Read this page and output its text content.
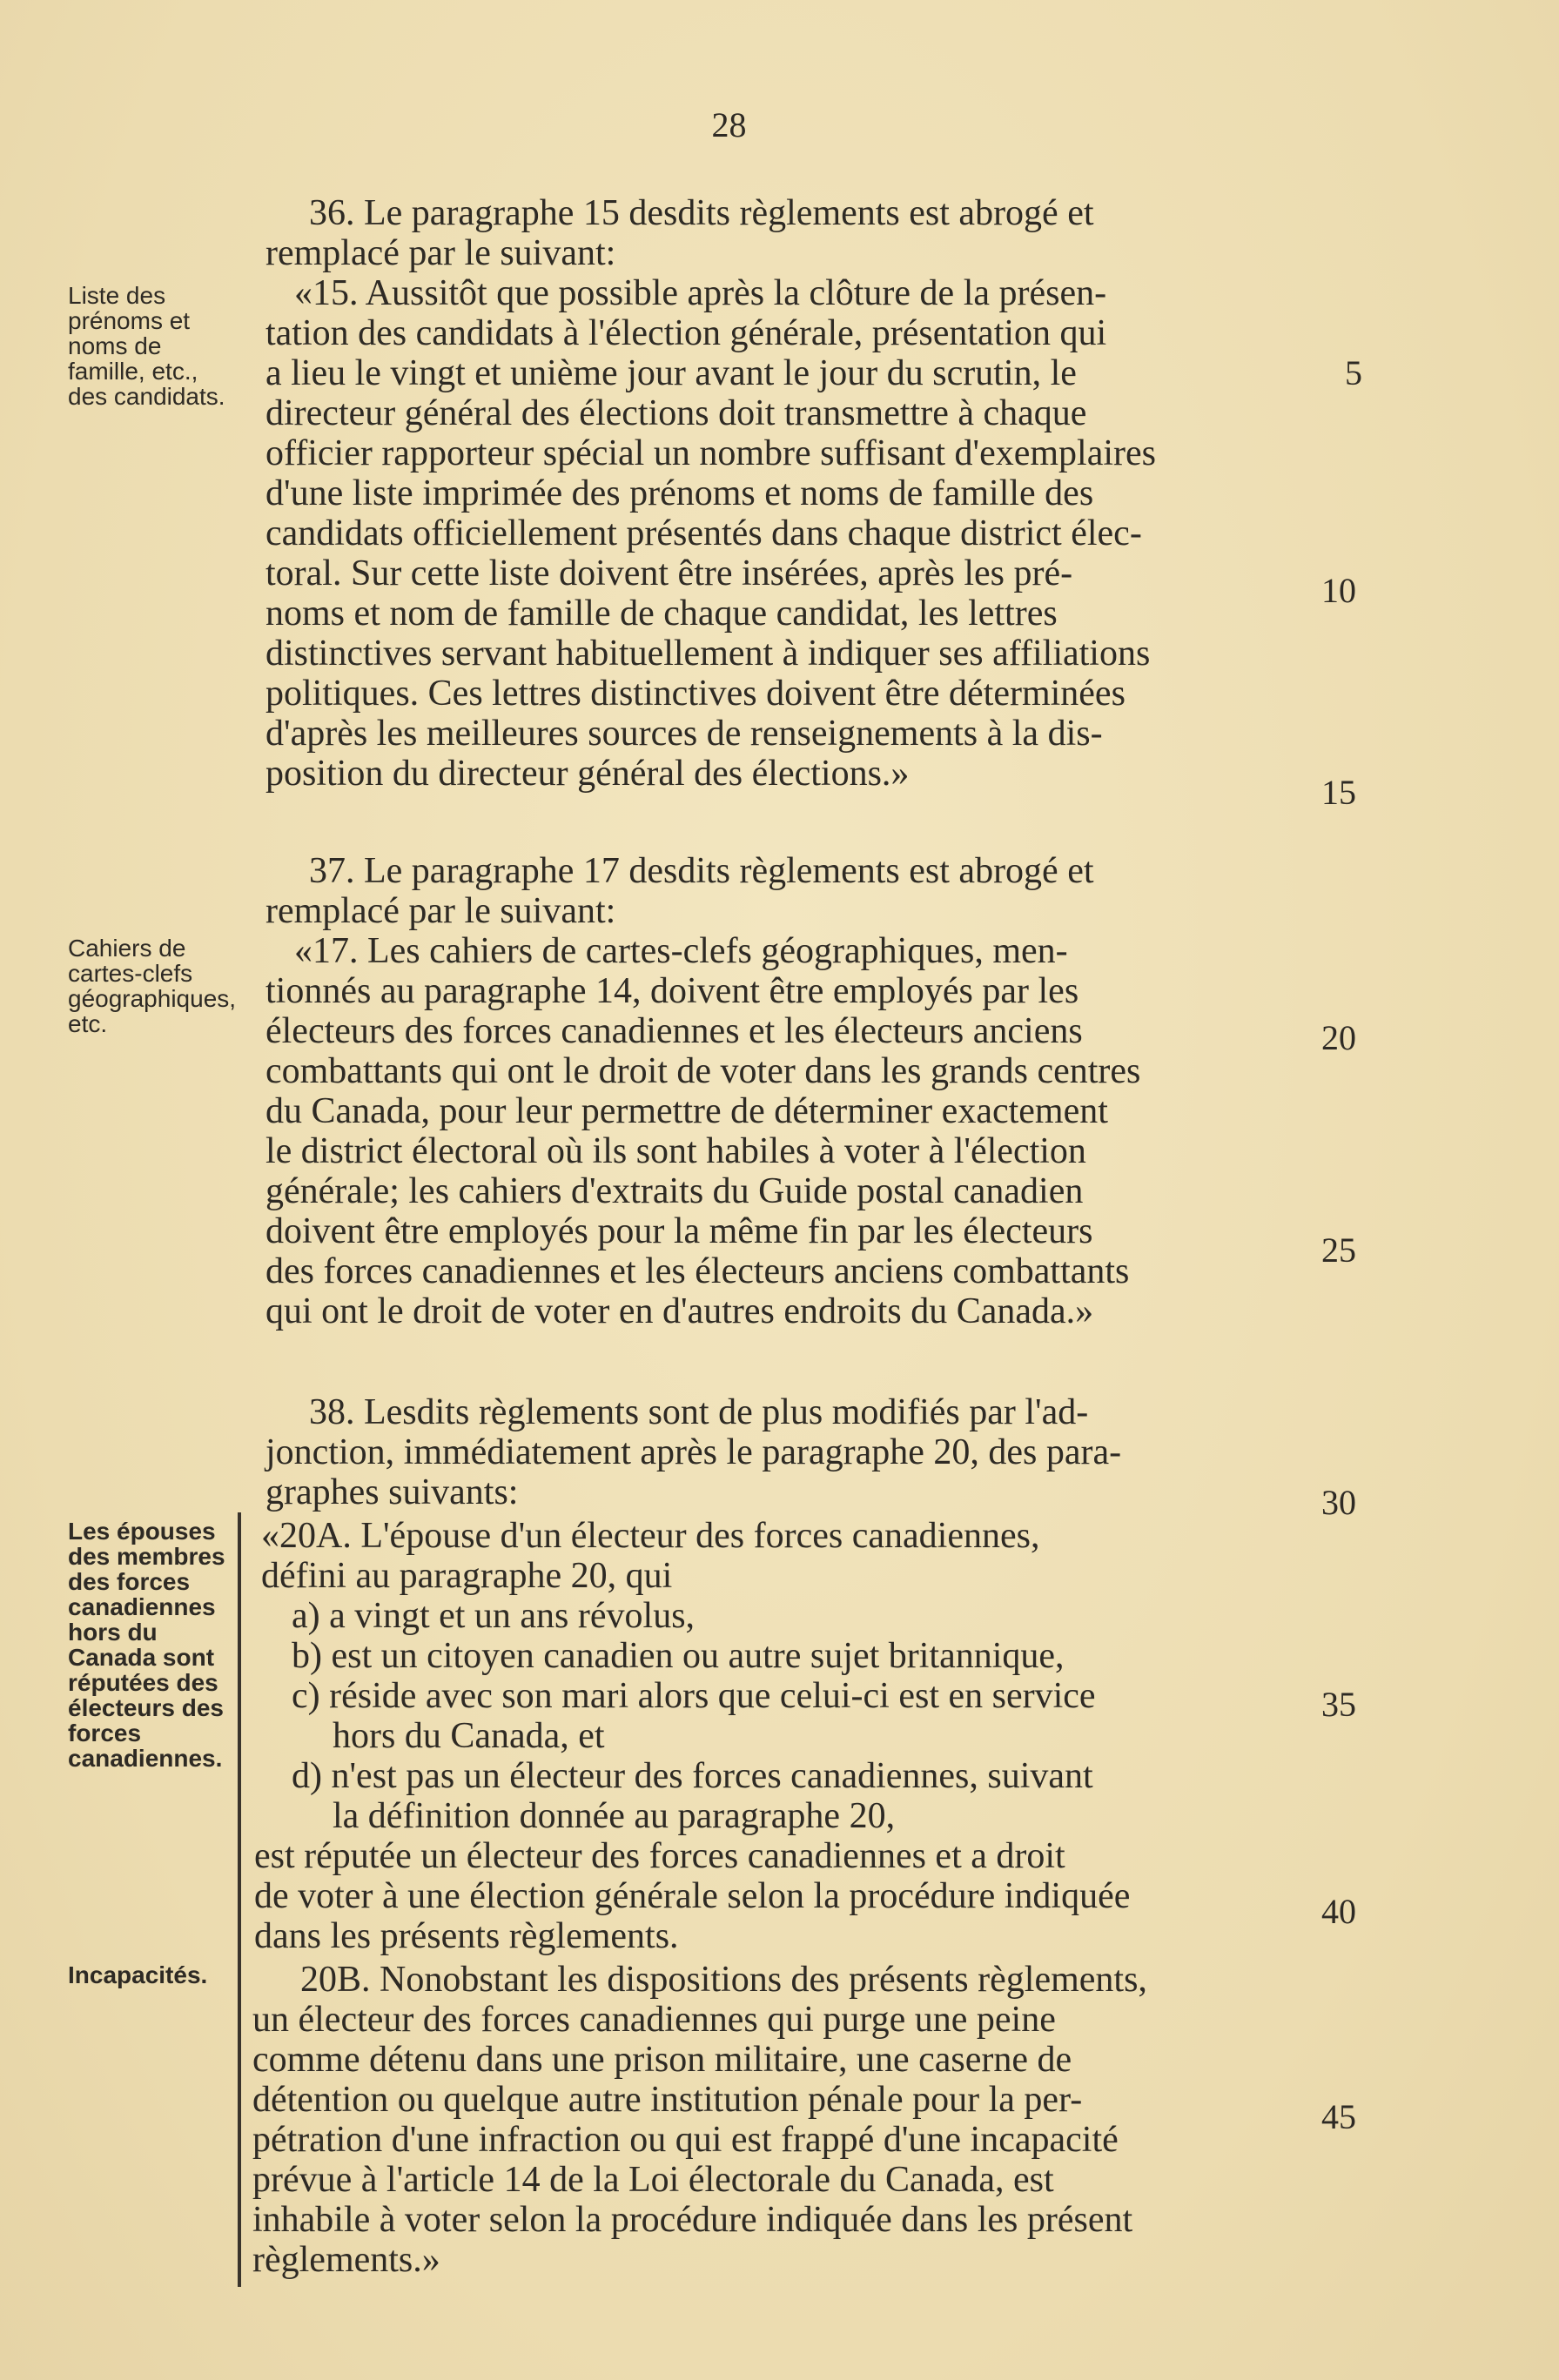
28
Liste des prénoms et noms de famille, etc., des candidats.
Cahiers de cartes-clefs géographiques, etc.
Les épouses des membres des forces canadiennes hors du Canada sont réputées des électeurs des forces canadiennes.
Incapacités.
36. Le paragraphe 15 desdits règlements est abrogé et
remplacé par le suivant:
«15. Aussitôt que possible après la clôture de la présen-
tation des candidats à l'élection générale, présentation qui
a lieu le vingt et unième jour avant le jour du scrutin, le
directeur général des élections doit transmettre à chaque
officier rapporteur spécial un nombre suffisant d'exemplaires
d'une liste imprimée des prénoms et noms de famille des
candidats officiellement présentés dans chaque district élec-
toral. Sur cette liste doivent être insérées, après les pré-
noms et nom de famille de chaque candidat, les lettres
distinctives servant habituellement à indiquer ses affiliations
politiques. Ces lettres distinctives doivent être déterminées
d'après les meilleures sources de renseignements à la dis-
position du directeur général des élections.»
37. Le paragraphe 17 desdits règlements est abrogé et
remplacé par le suivant:
«17. Les cahiers de cartes-clefs géographiques, men-
tionnés au paragraphe 14, doivent être employés par les
électeurs des forces canadiennes et les électeurs anciens
combattants qui ont le droit de voter dans les grands centres
du Canada, pour leur permettre de déterminer exactement
le district électoral où ils sont habiles à voter à l'élection
générale; les cahiers d'extraits du Guide postal canadien
doivent être employés pour la même fin par les électeurs
des forces canadiennes et les électeurs anciens combattants
qui ont le droit de voter en d'autres endroits du Canada.»
38. Lesdits règlements sont de plus modifiés par l'ad-
jonction, immédiatement après le paragraphe 20, des para-
graphes suivants:
«20A. L'épouse d'un électeur des forces canadiennes,
défini au paragraphe 20, qui
a) a vingt et un ans révolus,
b) est un citoyen canadien ou autre sujet britannique,
c) réside avec son mari alors que celui-ci est en service
hors du Canada, et
d) n'est pas un électeur des forces canadiennes, suivant
la définition donnée au paragraphe 20,
est réputée un électeur des forces canadiennes et a droit
de voter à une élection générale selon la procédure indiquée
dans les présents règlements.
20B. Nonobstant les dispositions des présents règlements,
un électeur des forces canadiennes qui purge une peine
comme détenu dans une prison militaire, une caserne de
détention ou quelque autre institution pénale pour la per-
pétration d'une infraction ou qui est frappé d'une incapacité
prévue à l'article 14 de la Loi électorale du Canada, est
inhabile à voter selon la procédure indiquée dans les présent
règlements.»
5
10
15
20
25
30
35
40
45
